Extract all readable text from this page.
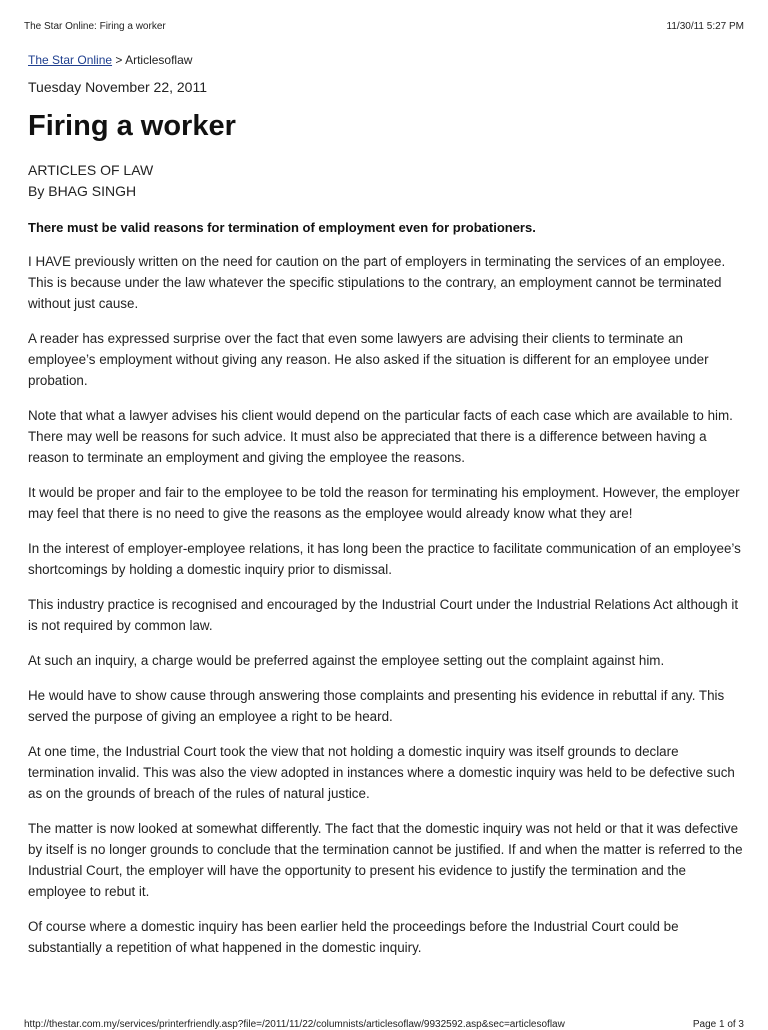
The Star Online: Firing a worker	11/30/11 5:27 PM
The Star Online > Articlesoflaw
Tuesday November 22, 2011
Firing a worker
ARTICLES OF LAW
By BHAG SINGH
There must be valid reasons for termination of employment even for probationers.

I HAVE previously written on the need for caution on the part of employers in terminating the services of an employee. This is because under the law whatever the specific stipulations to the contrary, an employment cannot be terminated without just cause.

A reader has expressed surprise over the fact that even some lawyers are advising their clients to terminate an employee’s employment without giving any reason. He also asked if the situation is different for an employee under probation.

Note that what a lawyer advises his client would depend on the particular facts of each case which are available to him. There may well be reasons for such advice. It must also be appreciated that there is a difference between having a reason to terminate an employment and giving the employee the reasons.

It would be proper and fair to the employee to be told the reason for terminating his employment. However, the employer may feel that there is no need to give the reasons as the employee would already know what they are!

In the interest of employer-employee relations, it has long been the practice to facilitate communication of an employee’s shortcomings by holding a domestic inquiry prior to dismissal.

This industry practice is recognised and encouraged by the Industrial Court under the Industrial Relations Act although it is not required by common law.

At such an inquiry, a charge would be preferred against the employee setting out the complaint against him.

He would have to show cause through answering those complaints and presenting his evidence in rebuttal if any. This served the purpose of giving an employee a right to be heard.

At one time, the Industrial Court took the view that not holding a domestic inquiry was itself grounds to declare termination invalid. This was also the view adopted in instances where a domestic inquiry was held to be defective such as on the grounds of breach of the rules of natural justice.

The matter is now looked at somewhat differently. The fact that the domestic inquiry was not held or that it was defective by itself is no longer grounds to conclude that the termination cannot be justified. If and when the matter is referred to the Industrial Court, the employer will have the opportunity to present his evidence to justify the termination and the employee to rebut it.

Of course where a domestic inquiry has been earlier held the proceedings before the Industrial Court could be substantially a repetition of what happened in the domestic inquiry.

http://thestar.com.my/services/printerfriendly.asp?file=/2011/11/22/columnists/articlesoflaw/9932592.asp&sec=articlesoflaw	Page 1 of 3
